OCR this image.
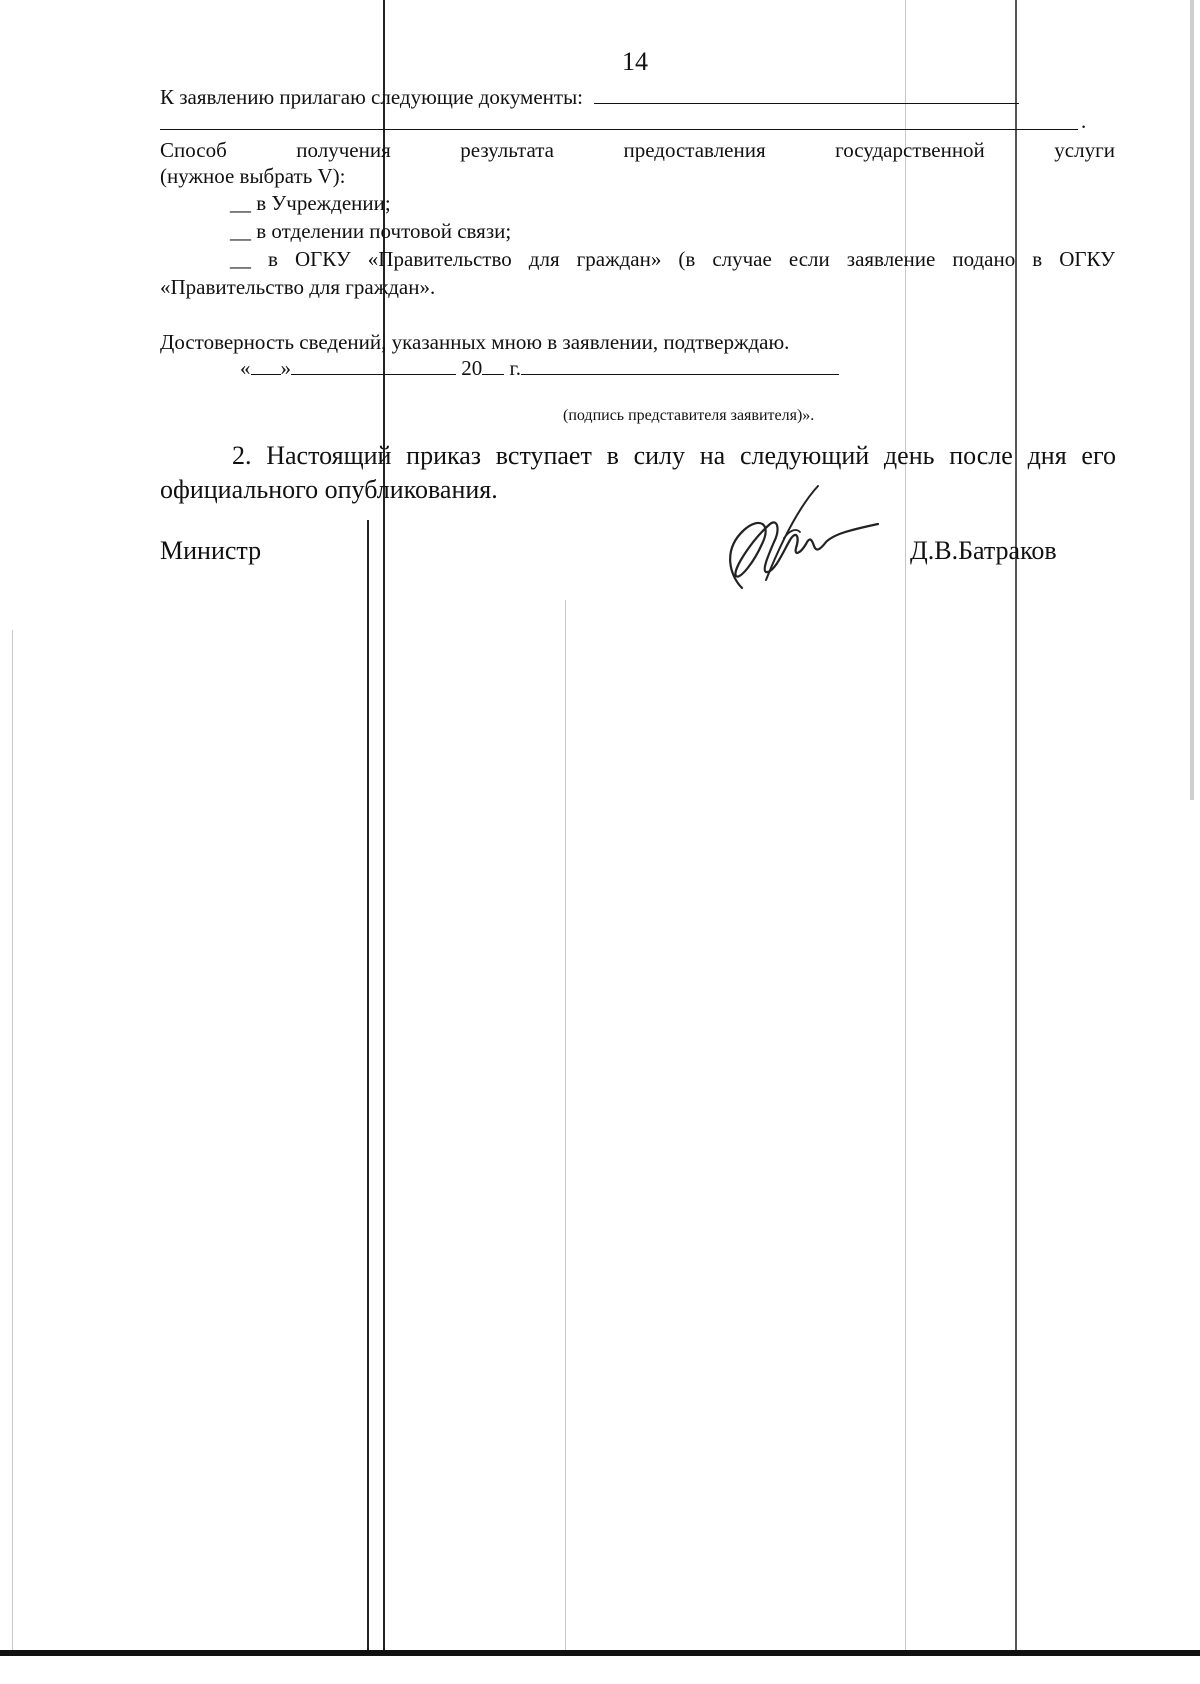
14
К заявлению прилагаю следующие документы:
.
Способ	получения	результата	предоставления	государственной	услуги
(нужное выбрать V):
__ в Учреждении;
__ в отделении почтовой связи;
__ в ОГКУ «Правительство для граждан» (в случае если заявление подано в ОГКУ
«Правительство для граждан».
Достоверность сведений, указанных мною в заявлении, подтверждаю.
« »	20 г.
(подпись представителя заявителя)».
2. Настоящий приказ вступает в силу на следующий день после дня его
официального опубликования.
Министр	Д.В.Батраков
